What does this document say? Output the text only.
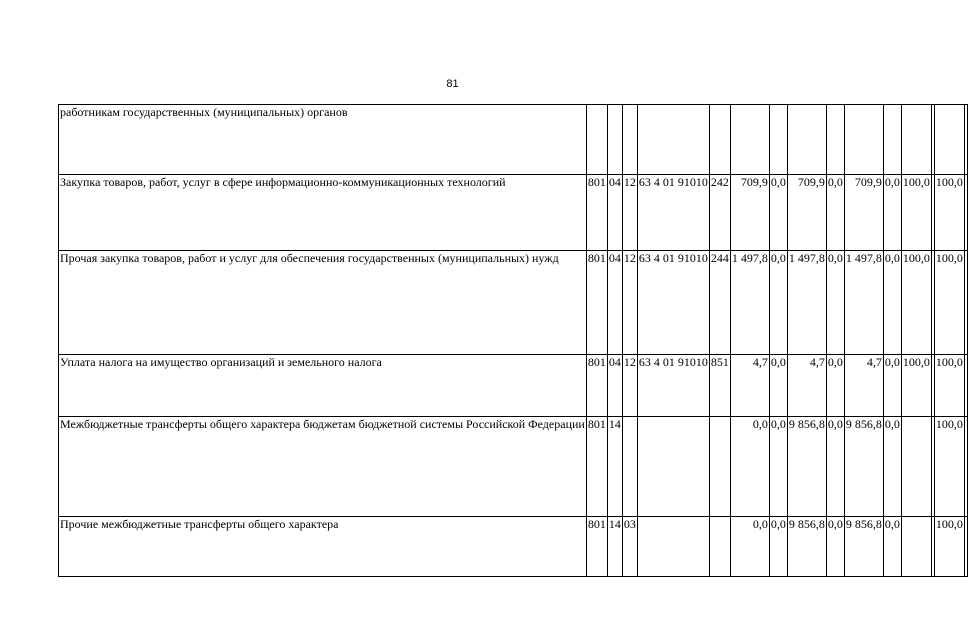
81
работникам государственных (муниципальных) органов															
Закупка товаров, работ, услуг в сфере информационно-коммуникационных технологий	801	04	12	63 4 01 91010	242	709,9	0,0	709,9	0,0	709,9	0,0	100,0		100,0	
Прочая закупка товаров, работ и услуг для обеспечения государственных (муниципальных) нужд	801	04	12	63 4 01 91010	244	1 497,8	0,0	1 497,8	0,0	1 497,8	0,0	100,0		100,0	
Уплата налога на имущество организаций и земельного налога	801	04	12	63 4 01 91010	851	4,7	0,0	4,7	0,0	4,7	0,0	100,0		100,0	
Межбюджетные трансферты общего характера бюджетам бюджетной системы Российской Федерации	801	14				0,0	0,0	9 856,8	0,0	9 856,8	0,0			100,0	
Прочие межбюджетные трансферты общего характера	801	14	03			0,0	0,0	9 856,8	0,0	9 856,8	0,0			100,0	
